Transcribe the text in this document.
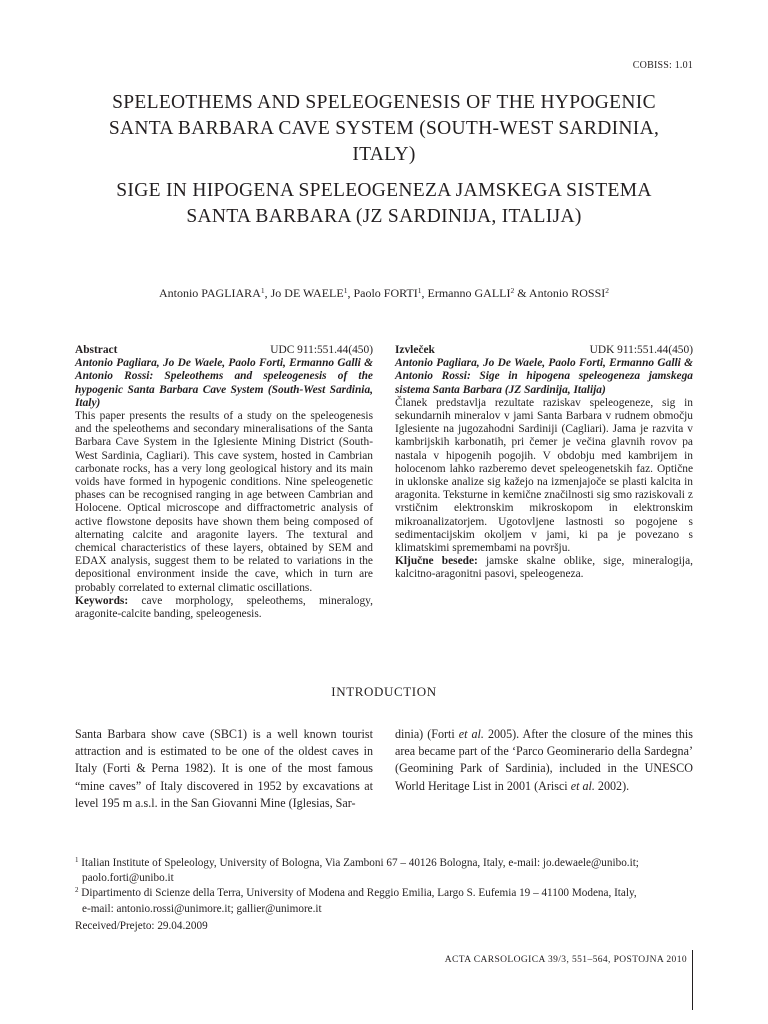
COBISS: 1.01
SPELEOTHEMS AND SPELEOGENESIS OF THE HYPOGENIC
SANTA BARBARA CAVE SYSTEM (SOUTH-WEST SARDINIA,
ITALY)
SIGE IN HIPOGENA SPELEOGENEZA JAMSKEGA SISTEMA
SANTA BARBARA (JZ SARDINIJA, ITALIJA)
Antonio PAGLIARA$^1$, Jo DE WAELE$^1$, Paolo FORTI$^1$, Ermanno GALLI$^2$ & Antonio ROSSI$^2$
Abstract	UDC 911:551.44(450)
Antonio Pagliara, Jo De Waele, Paolo Forti, Ermanno Galli & Antonio Rossi: Speleothems and speleogenesis of the hypogenic Santa Barbara Cave System (South-West Sardinia, Italy)
This paper presents the results of a study on the speleogenesis and the speleothems and secondary mineralisations of the Santa Barbara Cave System in the Iglesiente Mining District (South-West Sardinia, Cagliari). This cave system, hosted in Cambrian carbonate rocks, has a very long geological history and its main voids have formed in hypogenic conditions. Nine speleogenetic phases can be recognised ranging in age between Cambrian and Holocene. Optical microscope and diffractometric analysis of active flowstone deposits have shown them being composed of alternating calcite and aragonite layers. The textural and chemical characteristics of these layers, obtained by SEM and EDAX analysis, suggest them to be related to variations in the depositional environment inside the cave, which in turn are probably correlated to external climatic oscillations.
Keywords: cave morphology, speleothems, mineralogy, aragonite-calcite banding, speleogenesis.
Izvleček	UDK 911:551.44(450)
Antonio Pagliara, Jo De Waele, Paolo Forti, Ermanno Galli & Antonio Rossi: Sige in hipogena speleogeneza jamskega sistema Santa Barbara (JZ Sardinija, Italija)
Članek predstavlja rezultate raziskav speleogeneze, sig in sekundarnih mineralov v jami Santa Barbara v rudnem območju Iglesiente na jugozahodni Sardiniji (Cagliari). Jama je razvita v kambrijskih karbonatih, pri čemer je večina glavnih rovov pa nastala v hipogenih pogojih. V obdobju med kambrijem in holocenom lahko razberemo devet speleogenetskih faz. Optične in uklonske analize sig kažejo na izmenjajoče se plasti kalcita in aragonita. Teksturne in kemične značilnosti sig smo raziskovali z vrstičnim elektronskim mikroskopom in elektronskim mikroanalizatorjem. Ugotovljene lastnosti so pogojene s sedimentacijskim okoljem v jami, ki pa je povezano s klimatskimi spremembami na površju.
Ključne besede: jamske skalne oblike, sige, mineralogija, kalcitno-aragonitni pasovi, speleogeneza.
INTRODUCTION
Santa Barbara show cave (SBC1) is a well known tourist attraction and is estimated to be one of the oldest caves in Italy (Forti & Perna 1982). It is one of the most famous “mine caves” of Italy discovered in 1952 by excavations at level 195 m a.s.l. in the San Giovanni Mine (Iglesias, Sar-
dinia) (Forti et al. 2005). After the closure of the mines this area became part of the ‘Parco Geominerario della Sardegna’ (Geomining Park of Sardinia), included in the UNESCO World Heritage List in 2001 (Arisci et al. 2002).
$^1$ Italian Institute of Speleology, University of Bologna, Via Zamboni 67 – 40126 Bologna, Italy, e-mail: jo.dewaele@unibo.it;
paolo.forti@unibo.it
$^2$ Dipartimento di Scienze della Terra, University of Modena and Reggio Emilia, Largo S. Eufemia 19 – 41100 Modena, Italy,
e-mail: antonio.rossi@unimore.it; gallier@unimore.it
Received/Prejeto: 29.04.2009
ACTA CARSOLOGICA 39/3, 551–564, POSTOJNA 2010
